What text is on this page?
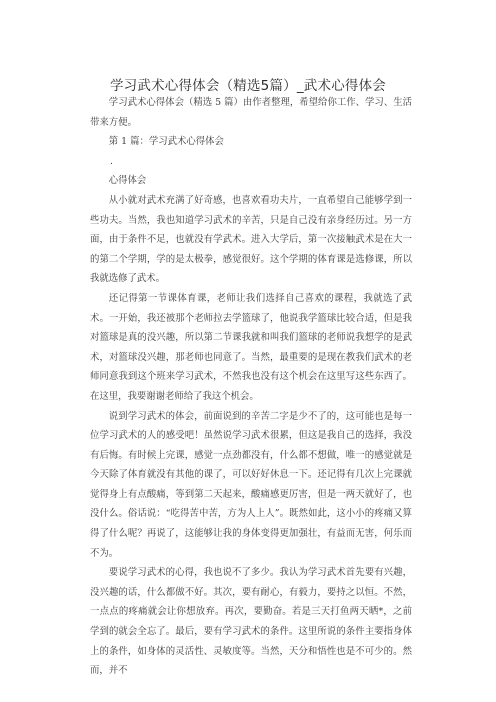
学习武术心得体会（精选5篇）_武术心得体会

学习武术心得体会（精选 5 篇）由作者整理，希望给你工作、学习、生活带来方便。

第 1 篇：学习武术心得体会

.

心得体会

从小就对武术充满了好奇感，也喜欢看功夫片，一直希望自己能够学到一些功夫。当然，我也知道学习武术的辛苦，只是自己没有亲身经历过。另一方面，由于条件不足，也就没有学武术。进入大学后，第一次接触武术是在大一的第二个学期，学的是太极拳，感觉很好。这个学期的体育课是选修课，所以我就选修了武术。

还记得第一节课体育课，老师让我们选择自己喜欢的课程，我就选了武术。一开始，我还被那个老师拉去学篮球了，他说我学篮球比较合适，但是我对篮球是真的没兴趣，所以第二节课我就和叫我们篮球的老师说我想学的是武术，对篮球没兴趣，那老师也同意了。当然，最重要的是现在教我们武术的老师同意我到这个班来学习武术，不然我也没有这个机会在这里写这些东西了。在这里，我要谢谢老师给了我这个机会。

说到学习武术的体会，前面说到的辛苦二字是少不了的，这可能也是每一位学习武术的人的感受吧！虽然说学习武术很累，但这是我自己的选择，我没有后悔。有时候上完课，感觉一点劲都没有，什么都不想做，唯一的感觉就是今天除了体育就没有其他的课了，可以好好休息一下。还记得有几次上完课就觉得身上有点酸痛，等到第二天起来，酸痛感更厉害，但是一两天就好了，也没什么。俗话说：“吃得苦中苦，方为人上人”。既然如此，这小小的疼痛又算得了什么呢？再说了，这能够让我的身体变得更加强壮，有益而无害，何乐而不为。

要说学习武术的心得，我也说不了多少。我认为学习武术首先要有兴趣，没兴趣的话，什么都做不好。其次，要有耐心，有毅力，要持之以恒。不然，一点点的疼痛就会让你想放弃。再次，要勤奋。若是三天打鱼两天晒*，之前学到的就会全忘了。最后，要有学习武术的条件。这里所说的条件主要指身体上的条件，如身体的灵活性、灵敏度等。当然，天分和悟性也是不可少的。然而，并不
